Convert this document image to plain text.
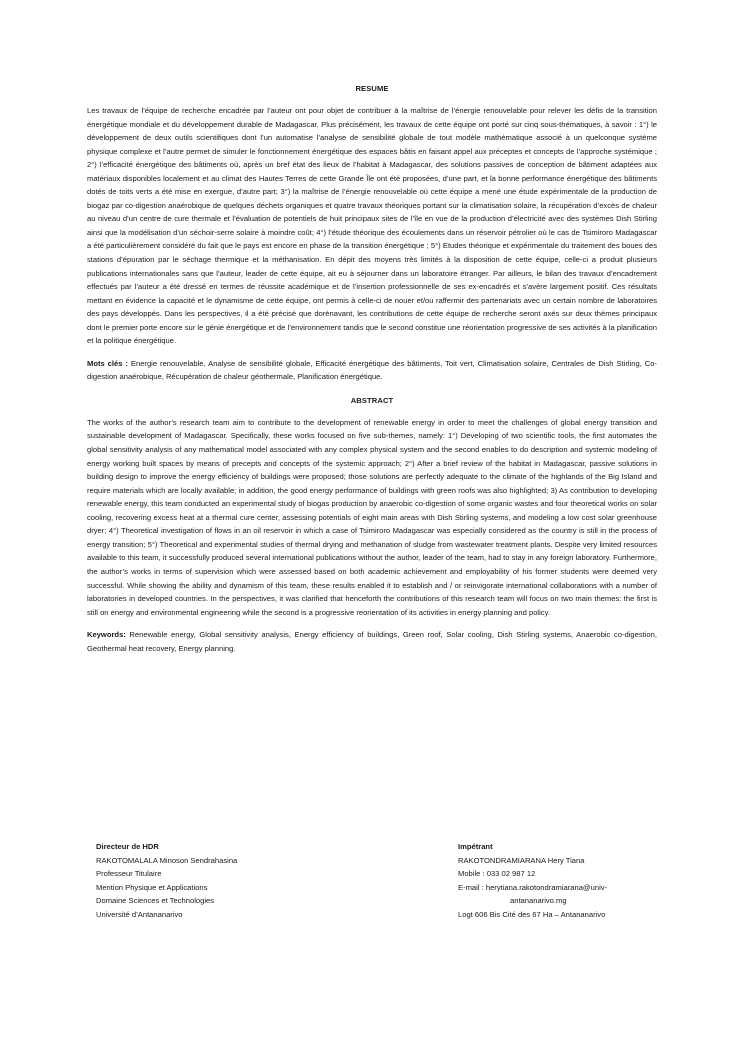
RESUME

Les travaux de l’équipe de recherche encadrée par l’auteur ont pour objet de contribuer à la maîtrise de l’énergie renouvelable pour relever les défis de la transition énergétique mondiale et du développement durable de Madagascar. Plus précisément, les travaux de cette équipe ont porté sur cinq sous-thématiques, à savoir : 1°) le développement de deux outils scientifiques dont l’un automatise l’analyse de sensibilité globale de tout modèle mathématique associé à un quelconque système physique complexe et l’autre permet de simuler le fonctionnement énergétique des espaces bâtis en faisant appel aux préceptes et concepts de l’approche systémique ; 2°) l’efficacité énergétique des bâtiments où, après un bref état des lieux de l’habitat à Madagascar, des solutions passives de conception de bâtiment adaptées aux matériaux disponibles localement et au climat des Hautes Terres de cette Grande Île ont été proposées, d’une part, et la bonne performance énergétique des bâtiments dotés de toits verts a été mise en exergue, d’autre part; 3°) la maîtrise de l’énergie renouvelable où cette équipe a mené une étude expérimentale de la production de biogaz par co-digestion anaérobique de quelques déchets organiques et quatre travaux théoriques portant sur la climatisation solaire, la récupération d’excès de chaleur au niveau d’un centre de cure thermale et l’évaluation de potentiels de huit principaux sites de l’île en vue de la production d’électricité avec des systèmes Dish Stirling ainsi que la modélisation d’un séchoir-serre solaire à moindre coût; 4°) l’étude théorique des écoulements dans un réservoir pétrolier où le cas de Tsimiroro Madagascar a été particulièrement considéré du fait que le pays est encore en phase de la transition énergétique ; 5°) Etudes théorique et expérimentale du traitement des boues des stations d’épuration par le séchage thermique et la méthanisation. En dépit des moyens très limités à la disposition de cette équipe, celle-ci a produit plusieurs publications internationales sans que l’auteur, leader de cette équipe, ait eu à séjourner dans un laboratoire étranger. Par ailleurs, le bilan des travaux d’encadrement effectués par l’auteur a été dressé en termes de réussite académique et de l’insertion professionnelle de ses ex-encadrés et s’avère largement positif. Ces résultats mettant en évidence la capacité et le dynamisme de cette équipe, ont permis à celle-ci de nouer et/ou raffermir des partenariats avec un certain nombre de laboratoires des pays développés. Dans les perspectives, il a été précisé que dorénavant, les contributions de cette équipe de recherche seront axés sur deux thèmes principaux dont le premier porte encore sur le génie énergétique et de l’environnement tandis que le second constitue une réorientation progressive de ses activités à la planification et la politique énergétique.

Mots clés : Energie renouvelable, Analyse de sensibilité globale, Efficacité énergétique des bâtiments, Toit vert, Climatisation solaire, Centrales de Dish Stirling, Co-digestion anaérobique, Récupération de chaleur géothermale, Planification énergétique.

ABSTRACT

The works of the author’s research team aim to contribute to the development of renewable energy in order to meet the challenges of global energy transition and sustainable development of Madagascar. Specifically, these works focused on five sub-themes, namely: 1°) Developing of two scientific tools, the first automates the global sensitivity analysis of any mathematical model associated with any complex physical system and the second enables to do description and systemic modeling of energy working built spaces by means of precepts and concepts of the systemic approach; 2°) After a brief review of the habitat in Madagascar, passive solutions in building design to improve the energy efficiency of buildings were proposed; those solutions are perfectly adequate to the climate of the highlands of the Big Island and require materials which are locally available; in addition, the good energy performance of buildings with green roofs was also highlighted; 3) As contribution to developing renewable energy, this team conducted an experimental study of biogas production by anaerobic co-digestion of some organic wastes and four theoretical works on solar cooling, recovering excess heat at a thermal cure center, assessing potentials of eight main areas with Dish Stirling systems, and modeling a low cost solar greenhouse dryer; 4°) Theoretical investigation of flows in an oil reservoir in which a case of Tsimiroro Madagascar was especially considered as the country is still in the process of energy transition; 5°) Theoretical and experimental studies of thermal drying and methanation of sludge from wastewater treatment plants. Despite very limited resources available to this team, it successfully produced several international publications without the author, leader of the team, had to stay in any foreign laboratory. Furthermore, the author’s works in terms of supervision which were assessed based on both academic achievement and employability of his former students were deemed very successful. While showing the ability and dynamism of this team, these results enabled it to establish and / or reinvigorate international collaborations with a number of laboratories in developed countries. In the perspectives, it was clarified that henceforth the contributions of this research team will focus on two main themes: the first is still on energy and environmental engineering while the second is a progressive reorientation of its activities in energy planning and policy.

Keywords: Renewable energy, Global sensitivity analysis, Energy efficiency of buildings, Green roof, Solar cooling, Dish Stirling systems, Anaerobic co-digestion, Geothermal heat recovery, Energy planning.

Directeur de HDR

RAKOTOMALALA Minoson Sendrahasina

Professeur Titulaire

Mention Physique et Applications

Domaine Sciences et Technologies

Université d’Antananarivo

Impétrant

RAKOTONDRAMIARANA Hery Tiana

Mobile : 033 02 987 12

E-mail : herytiana.rakotondramiarana@univ-

antananarivo.mg

Logt 606 Bis Cité des 67 Ha – Antananarivo
